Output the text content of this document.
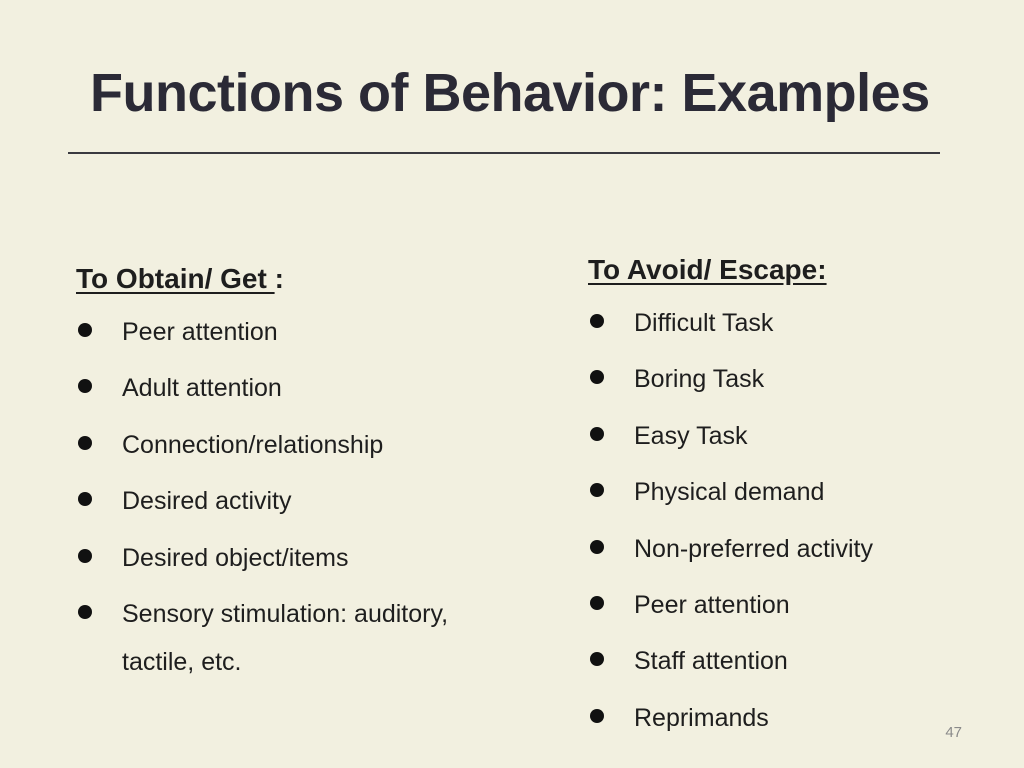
Functions of Behavior: Examples
To Obtain/ Get :
Peer attention
Adult attention
Connection/relationship
Desired activity
Desired object/items
Sensory stimulation: auditory, tactile, etc.
To Avoid/ Escape:
Difficult Task
Boring Task
Easy Task
Physical demand
Non-preferred activity
Peer attention
Staff attention
Reprimands
47
